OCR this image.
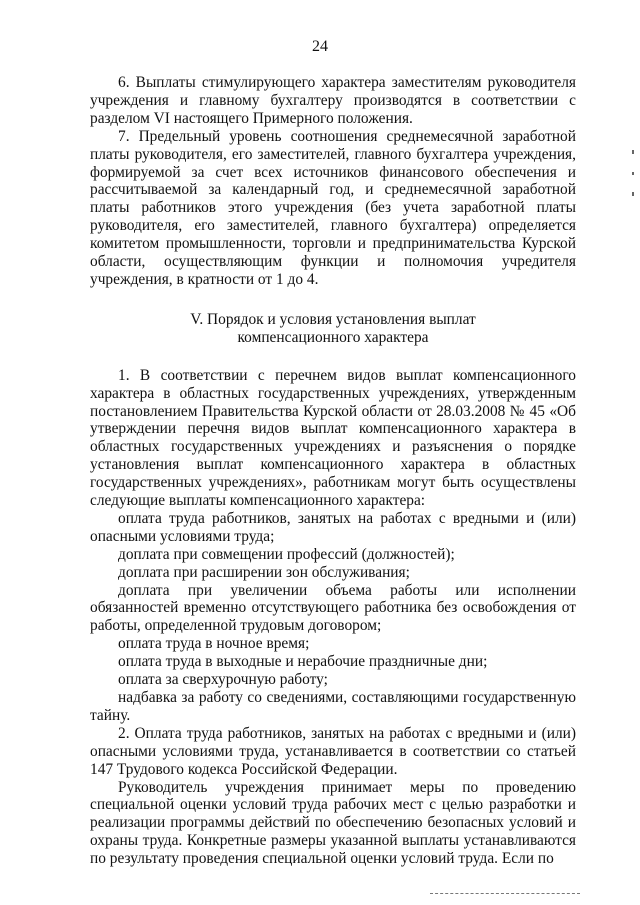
24

6. Выплаты стимулирующего характера заместителям руководителя учреждения и главному бухгалтеру производятся в соответствии с разделом VI настоящего Примерного положения.

7. Предельный уровень соотношения среднемесячной заработной платы руководителя, его заместителей, главного бухгалтера учреждения, формируемой за счет всех источников финансового обеспечения и рассчитываемой за календарный год, и среднемесячной заработной платы работников этого учреждения (без учета заработной платы руководителя, его заместителей, главного бухгалтера) определяется комитетом промышленности, торговли и предпринимательства Курской области, осуществляющим функции и полномочия учредителя учреждения, в кратности от 1 до 4.

V. Порядок и условия установления выплат
компенсационного характера

1. В соответствии с перечнем видов выплат компенсационного характера в областных государственных учреждениях, утвержденным постановлением Правительства Курской области от 28.03.2008 № 45 «Об утверждении перечня видов выплат компенсационного характера в областных государственных учреждениях и разъяснения о порядке установления выплат компенсационного характера в областных государственных учреждениях», работникам могут быть осуществлены следующие выплаты компенсационного характера:

оплата труда работников, занятых на работах с вредными и (или) опасными условиями труда;

доплата при совмещении профессий (должностей);

доплата при расширении зон обслуживания;

доплата при увеличении объема работы или исполнении обязанностей временно отсутствующего работника без освобождения от работы, определенной трудовым договором;

оплата труда в ночное время;

оплата труда в выходные и нерабочие праздничные дни;

оплата за сверхурочную работу;

надбавка за работу со сведениями, составляющими государственную тайну.

2. Оплата труда работников, занятых на работах с вредными и (или) опасными условиями труда, устанавливается в соответствии со статьей 147 Трудового кодекса Российской Федерации.

Руководитель учреждения принимает меры по проведению специальной оценки условий труда рабочих мест с целью разработки и реализации программы действий по обеспечению безопасных условий и охраны труда. Конкретные размеры указанной выплаты устанавливаются по результату проведения специальной оценки условий труда. Если по
